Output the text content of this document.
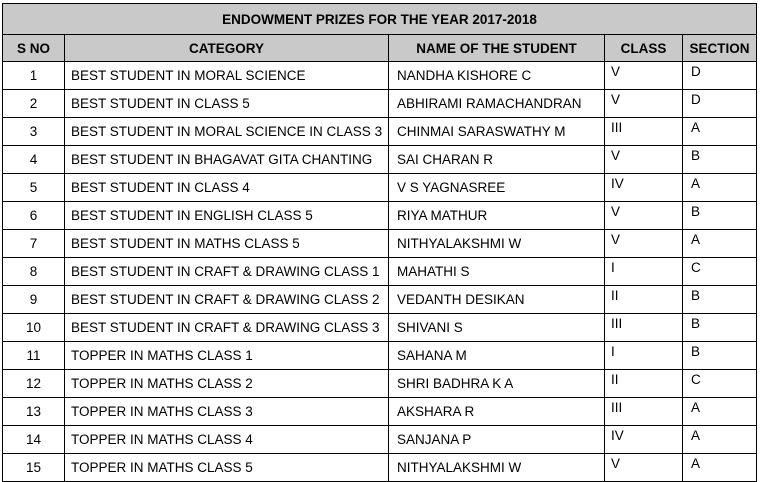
ENDOWMENT PRIZES FOR THE YEAR 2017-2018				
S NO	CATEGORY	NAME OF THE STUDENT	CLASS	SECTION
1	BEST STUDENT IN MORAL SCIENCE	NANDHA KISHORE C	V	D
2	BEST STUDENT IN CLASS 5	ABHIRAMI RAMACHANDRAN	V	D
3	BEST STUDENT IN MORAL SCIENCE IN CLASS 3	CHINMAI SARASWATHY M	III	A
4	BEST STUDENT IN BHAGAVAT GITA CHANTING	SAI CHARAN R	V	B
5	BEST STUDENT IN CLASS 4	V S YAGNASREE	IV	A
6	BEST STUDENT IN ENGLISH CLASS 5	RIYA MATHUR	V	B
7	BEST STUDENT IN MATHS CLASS 5	NITHYALAKSHMI W	V	A
8	BEST STUDENT IN CRAFT & DRAWING CLASS 1	MAHATHI S	I	C
9	BEST STUDENT IN CRAFT & DRAWING CLASS 2	VEDANTH DESIKAN	II	B
10	BEST STUDENT IN CRAFT & DRAWING CLASS 3	SHIVANI S	III	B
11	TOPPER IN MATHS CLASS 1	SAHANA M	I	B
12	TOPPER IN MATHS CLASS 2	SHRI BADHRA K A	II	C
13	TOPPER IN MATHS CLASS 3	AKSHARA R	III	A
14	TOPPER IN MATHS CLASS 4	SANJANA P	IV	A
15	TOPPER IN MATHS CLASS 5	NITHYALAKSHMI W	V	A
